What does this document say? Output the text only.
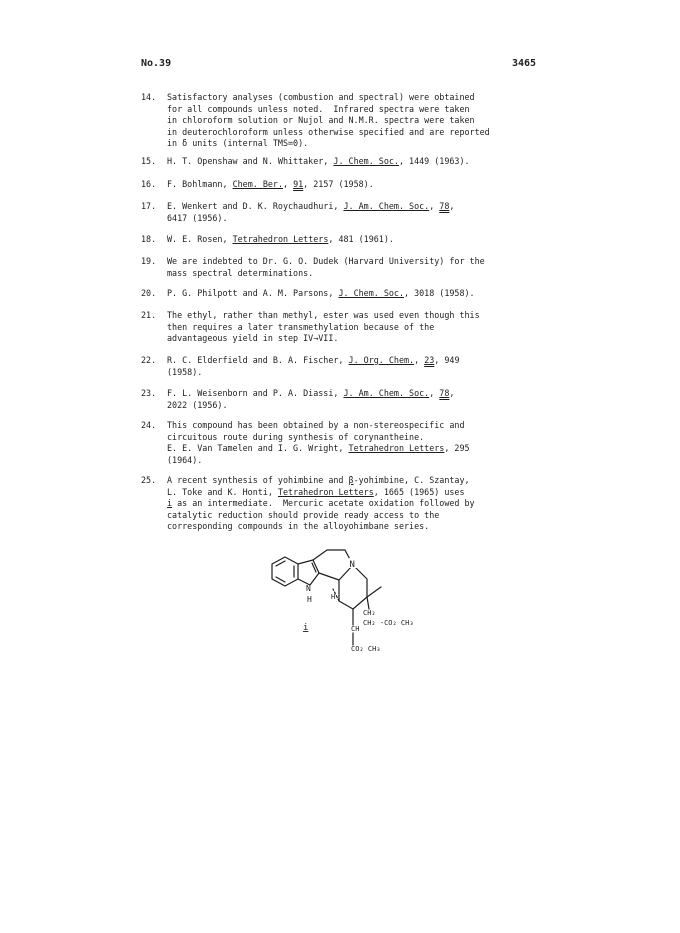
No.39	3465
14. Satisfactory analyses (combustion and spectral) were obtained
for all compounds unless noted.  Infrared spectra were taken
in chloroform solution or Nujol and N.M.R. spectra were taken
in deuterochloroform unless otherwise specified and are reported
in δ units (internal TMS=0).
15. H. T. Openshaw and N. Whittaker, J. Chem. Soc., 1449 (1963).
16. F. Bohlmann, Chem. Ber., 91, 2157 (1958).
17. E. Wenkert and D. K. Roychaudhuri, J. Am. Chem. Soc., 78,
6417 (1956).
18. W. E. Rosen, Tetrahedron Letters, 481 (1961).
19. We are indebted to Dr. G. O. Dudek (Harvard University) for the
mass spectral determinations.
20. P. G. Philpott and A. M. Parsons, J. Chem. Soc., 3018 (1958).
21. The ethyl, rather than methyl, ester was used even though this
then requires a later transmethylation because of the
advantageous yield in step IV→VII.
22. R. C. Elderfield and B. A. Fischer, J. Org. Chem., 23, 949
(1958).
23. F. L. Weisenborn and P. A. Diassi, J. Am. Chem. Soc., 78,
2022 (1956).
24. This compound has been obtained by a non-stereospecific and
circuitous route during synthesis of corynantheine.
E. E. Van Tamelen and I. G. Wright, Tetrahedron Letters, 295
(1964).
25. A recent synthesis of yohimbine and β-yohimbine, C. Szantay,
L. Toke and K. Honti, Tetrahedron Letters, 1665 (1965) uses
i as an intermediate.  Mercuric acetate oxidation followed by
catalytic reduction should provide ready access to the
corresponding compounds in the alloyohimbane series.
N
N
H	H
CH₂
CH₂ -CO₂ CH₃
CH
CO₂ CH₃
i
